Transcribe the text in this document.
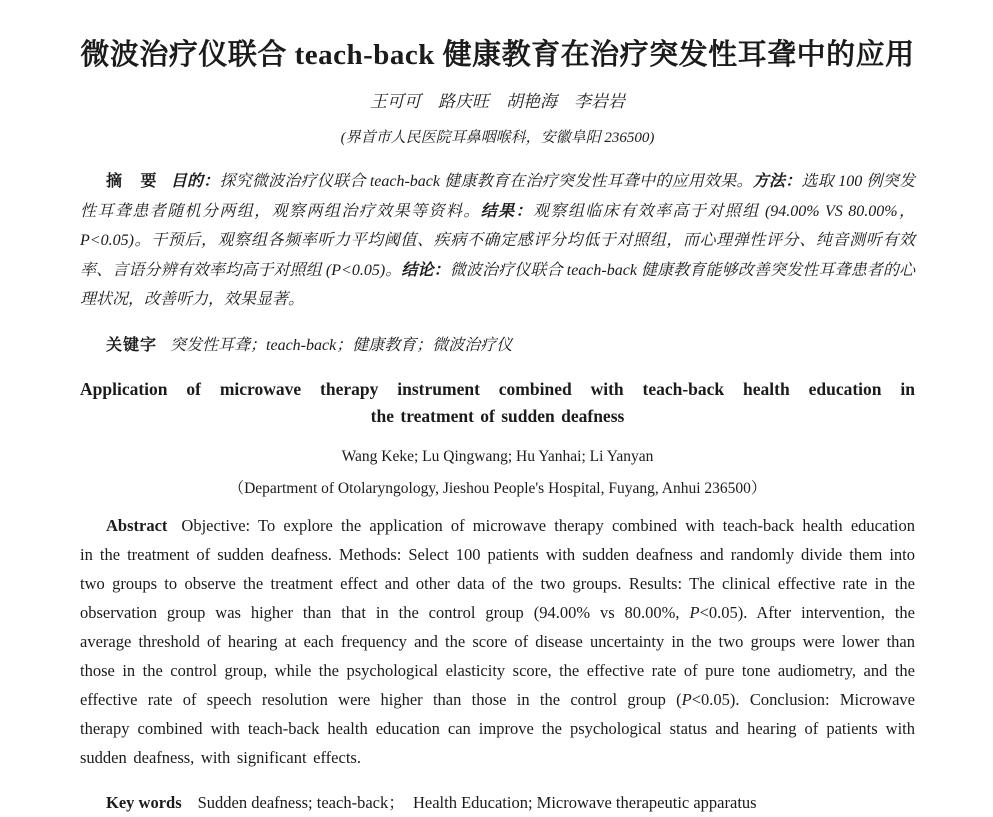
微波治疗仪联合 teach-back 健康教育在治疗突发性耳聋中的应用
王可可　路庆旺　胡艳海　李岩岩
(界首市人民医院耳鼻咽喉科，安徽阜阳 236500)

摘　要 目的：探究微波治疗仪联合 teach-back 健康教育在治疗突发性耳聋中的应用效果。方法：选取 100 例突发性耳聋患者随机分两组，观察两组治疗效果等资料。结果：观察组临床有效率高于对照组 (94.00% VS 80.00%，P<0.05)。干预后，观察组各频率听力平均阈值、疾病不确定感评分均低于对照组，而心理弹性评分、纯音测听有效率、言语分辨有效率均高于对照组 (P<0.05)。结论：微波治疗仪联合 teach-back 健康教育能够改善突发性耳聋患者的心理状况，改善听力，效果显著。

关键字 突发性耳聋；teach-back；健康教育；微波治疗仪

Application of microwave therapy instrument combined with teach-back health education in
the treatment of sudden deafness
Wang Keke; Lu Qingwang; Hu Yanhai; Li Yanyan
（Department of Otolaryngology, Jieshou People's Hospital, Fuyang, Anhui 236500）

Abstract Objective: To explore the application of microwave therapy combined with teach-back health education in the treatment of sudden deafness. Methods: Select 100 patients with sudden deafness and randomly divide them into two groups to observe the treatment effect and other data of the two groups. Results: The clinical effective rate in the observation group was higher than that in the control group (94.00% vs 80.00%, P<0.05). After intervention, the average threshold of hearing at each frequency and the score of disease uncertainty in the two groups were lower than those in the control group, while the psychological elasticity score, the effective rate of pure tone audiometry, and the effective rate of speech resolution were higher than those in the control group (P<0.05). Conclusion: Microwave therapy combined with teach-back health education can improve the psychological status and hearing of patients with sudden deafness, with significant effects.

Key words Sudden deafness; teach-back；　Health Education; Microwave therapeutic apparatus
